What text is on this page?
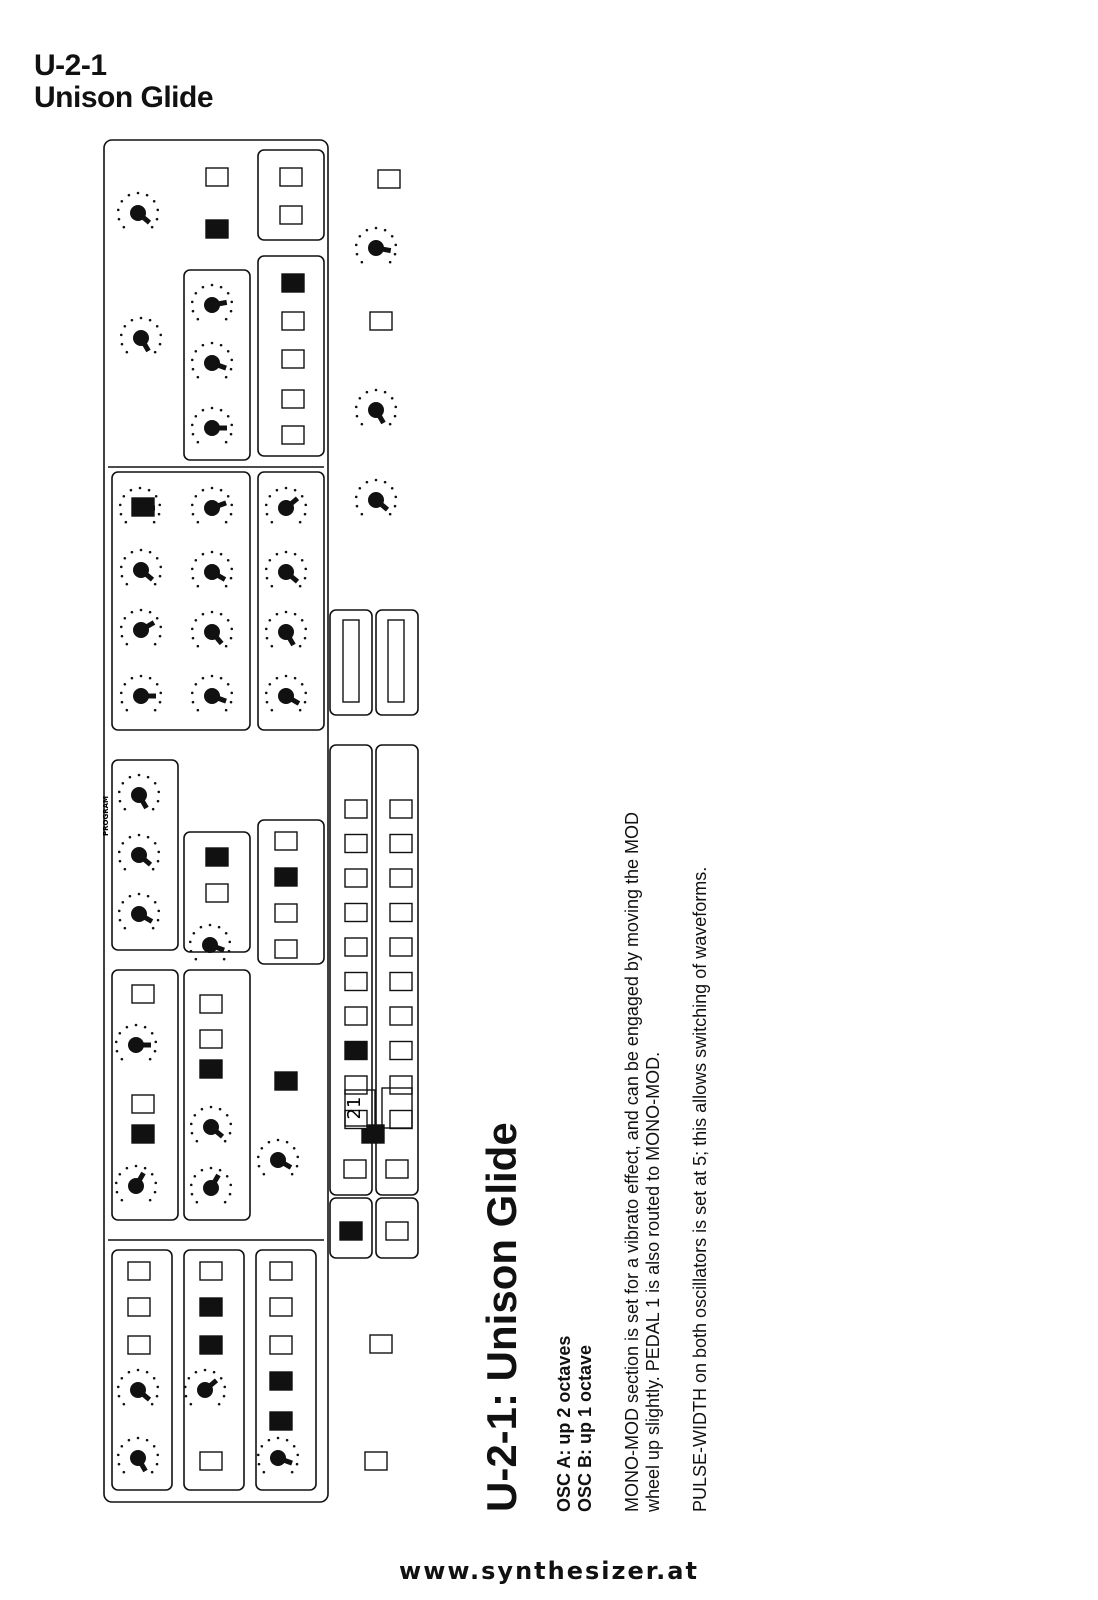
U-2-1
Unison Glide
21
PROGRAM
U-2-1: Unison Glide OSC A: up 2 octaves OSC B: up 1 octave MONO-MOD section is set for a vibrato effect, and can be engaged by moving the MOD wheel up slightly. PEDAL 1 is also routed to MONO-MOD. PULSE-WIDTH on both oscillators is set at 5; this allows switching of waveforms.
www.synthesizer.at
